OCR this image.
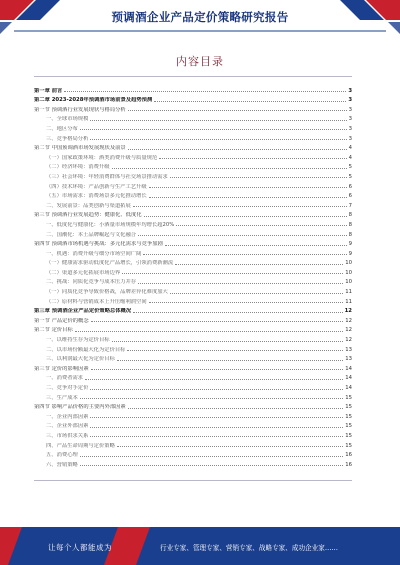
预调酒企业产品定价策略研究报告
内容目录
第一章 前言	3
第二章 2023-2028年预调酒市场前景及趋势预测	3
第一节 预调酒行业发展现状与格局分析	3
一、全球市场规模	3
二、地区分布	3
三、竞争格局分析	3
第二节 中国预调酒市场发展现状及前景	4
（一）国家政策环境：酒类消费升级与质量规范	4
（二）经济环境：消费升级	5
（三）社会环境：年轻消费群体与社交场景推动需求	5
（四）技术环境：产品创新与生产工艺升级	6
（五）市场需求：消费场景多元化推动增长	6
二、发展前景：品类创新与渠道拓展	7
第三节 预调酒行业发展趋势：健康化、低度化	8
一、低度化与健康化：小酒量市场规模年均增长超20%	8
二、国潮化：本土品牌崛起与文化融合	8
第四节 预调酒市场机遇与挑战：多元化需求与竞争加剧	9
一、机遇：消费升级与细分市场空间广阔	9
（一）健康需求驱动低度化产品增长，引领消费新潮流	10
（二）渠道多元化拓展市场边界	10
二、挑战：同质化竞争与成本压力并存	10
（一）同质化竞争导致价格战，品牌差异化难度加大	11
（二）原材料与营销成本上升压缩利润空间	11
第三章 预调酒企业产品定价策略总体概况	12
第一节 产品定价的概念	12
第二节 定价目标	12
一、以维持生存为定价目标	12
二、以市场份额最大化为定价目标	13
三、以利润最大化为定价目标	13
第三节 定价的影响因素	14
一、消费者需求	14
二、竞争对手定价	14
三、生产成本	15
第四节 影响产品价格的主要内外部因素	15
一、企业内部因素	15
二、企业外部因素	15
三、市场供求关系	15
四、产品生命周期与定价策略	15
五、消费心理	16
六、营销策略	16
让每个人都能成为	行业专家、管理专家、营销专家、战略专家、成功企业家……
